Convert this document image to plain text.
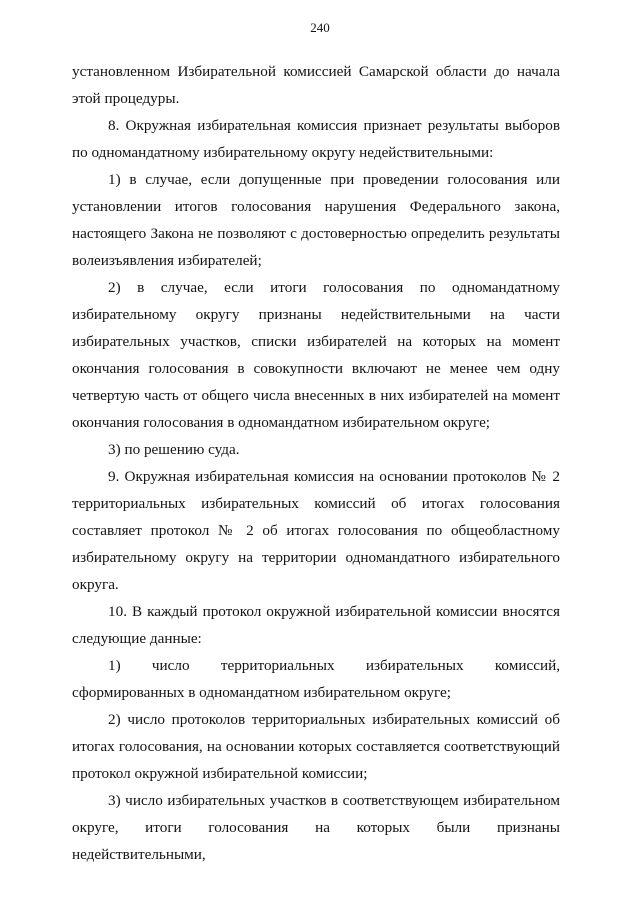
240

установленном Избирательной комиссией Самарской области до начала этой процедуры.

8. Окружная избирательная комиссия признает результаты выборов по одномандатному избирательному округу недействительными:

1) в случае, если допущенные при проведении голосования или установлении итогов голосования нарушения Федерального закона, настоящего Закона не позволяют с достоверностью определить результаты волеизъявления избирателей;

2) в случае, если итоги голосования по одномандатному избирательному округу признаны недействительными на части избирательных участков, списки избирателей на которых на момент окончания голосования в совокупности включают не менее чем одну четвертую часть от общего числа внесенных в них избирателей на момент окончания голосования в одномандатном избирательном округе;

3) по решению суда.

9. Окружная избирательная комиссия на основании протоколов № 2 территориальных избирательных комиссий об итогах голосования составляет протокол № 2 об итогах голосования по общеобластному избирательному округу на территории одномандатного избирательного округа.

10. В каждый протокол окружной избирательной комиссии вносятся следующие данные:

1) число территориальных избирательных комиссий, сформированных в одномандатном избирательном округе;

2) число протоколов территориальных избирательных комиссий об итогах голосования, на основании которых составляется соответствующий протокол окружной избирательной комиссии;

3) число избирательных участков в соответствующем избирательном округе, итоги голосования на которых были признаны недействительными,
